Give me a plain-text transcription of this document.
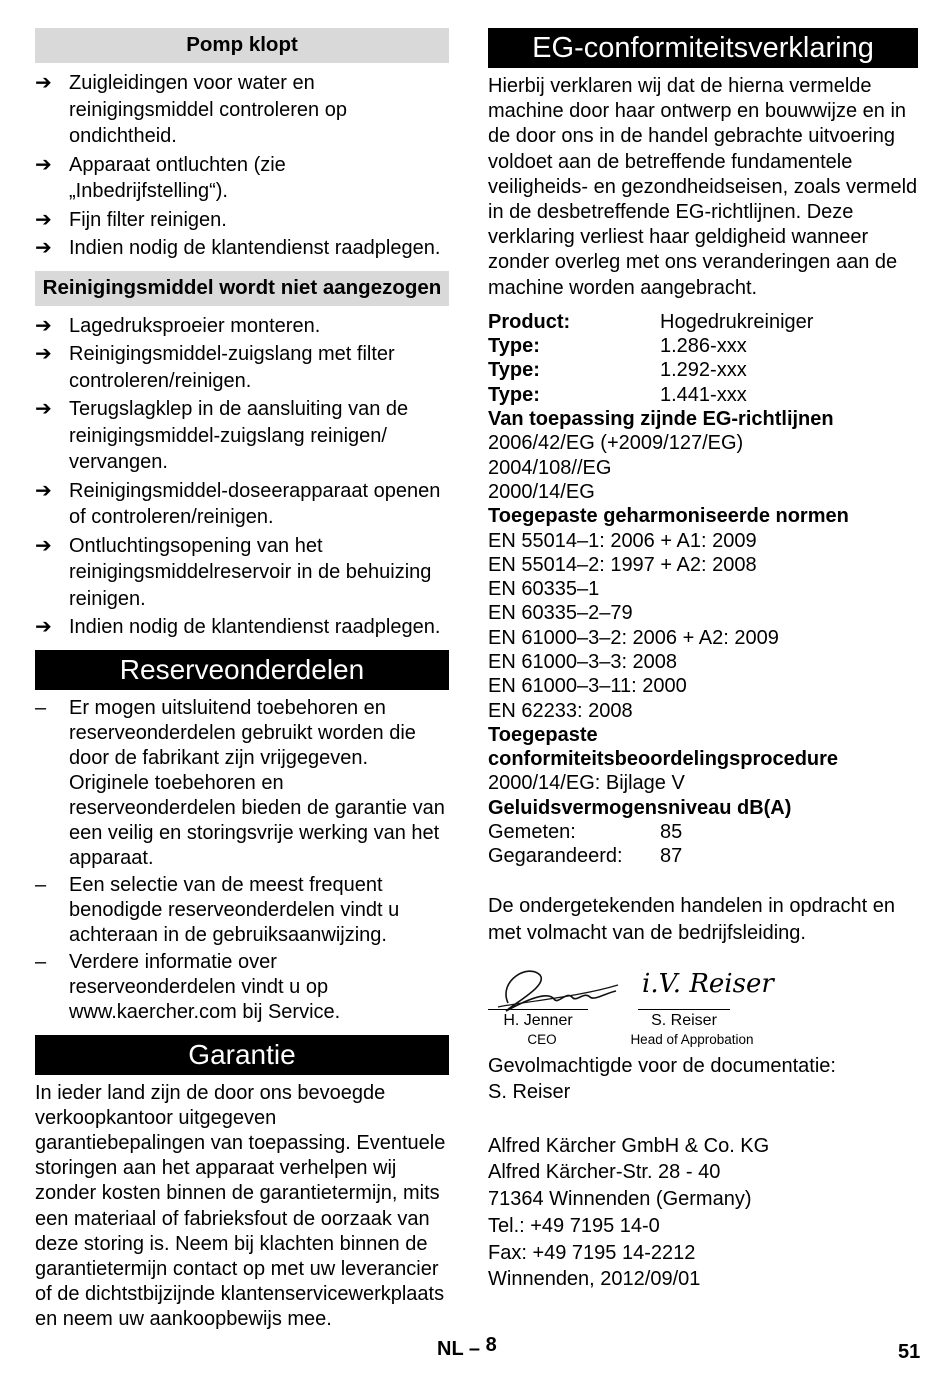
Pomp klopt
➔ Zuigleidingen voor water en reinigingsmiddel controleren op ondichtheid.
➔ Apparaat ontluchten (zie „Inbedrijfstelling“).
➔ Fijn filter reinigen.
➔ Indien nodig de klantendienst raadplegen.
Reinigingsmiddel wordt niet aangezogen
➔ Lagedruksproeier monteren.
➔ Reinigingsmiddel-zuigslang met filter controleren/reinigen.
➔ Terugslagklep in de aansluiting van de reinigingsmiddel-zuigslang reinigen/ vervangen.
➔ Reinigingsmiddel-doseerapparaat openen of controleren/reinigen.
➔ Ontluchtingsopening van het reinigingsmiddelreservoir in de behuizing reinigen.
➔ Indien nodig de klantendienst raadplegen.
Reserveonderdelen
– Er mogen uitsluitend toebehoren en reserveonderdelen gebruikt worden die door de fabrikant zijn vrijgegeven. Originele toebehoren en reserveonderdelen bieden de garantie van een veilig en storingsvrije werking van het apparaat.
– Een selectie van de meest frequent benodigde reserveonderdelen vindt u achteraan in de gebruiksaanwijzing.
– Verdere informatie over reserveonderdelen vindt u op www.kaercher.com bij Service.
Garantie

In ieder land zijn de door ons bevoegde verkoopkantoor uitgegeven garantiebepalingen van toepassing. Eventuele storingen aan het apparaat verhelpen wij zonder kosten binnen de garantietermijn, mits een materiaal of fabrieksfout de oorzaak van deze storing is. Neem bij klachten binnen de garantietermijn contact op met uw leverancier of de dichtstbijzijnde klantenservicewerkplaats en neem uw aankoopbewijs mee.

EG-conformiteitsverklaring

Hierbij verklaren wij dat de hierna vermelde machine door haar ontwerp en bouwwijze en in de door ons in de handel gebrachte uitvoering voldoet aan de betreffende fundamentele veiligheids- en gezondheidseisen, zoals vermeld in de desbetreffende EG-richtlijnen. Deze verklaring verliest haar geldigheid wanneer zonder overleg met ons veranderingen aan de machine worden aangebracht.

Product:	Hogedrukreiniger
Type:	1.286-xxx
Type:	1.292-xxx
Type:	1.441-xxx
Van toepassing zijnde EG-richtlijnen
2006/42/EG (+2009/127/EG)
2004/108//EG
2000/14/EG
Toegepaste geharmoniseerde normen
EN 55014–1: 2006 + A1: 2009
EN 55014–2: 1997 + A2: 2008
EN 60335–1
EN 60335–2–79
EN 61000–3–2: 2006 + A2: 2009
EN 61000–3–3: 2008
EN 61000–3–11: 2000
EN 62233: 2008
Toegepaste conformiteitsbeoordelingsprocedure
2000/14/EG: Bijlage V
Geluidsvermogensniveau dB(A)
Gemeten:	85
Gegarandeerd:	87
De ondergetekenden handelen in opdracht en met volmacht van de bedrijfsleiding.
H. Jenner
CEO
i.V. Reiser
S. Reiser
Head of Approbation
Gevolmachtigde voor de documentatie:
S. Reiser
Alfred Kärcher GmbH & Co. KG
Alfred Kärcher-Str. 28 - 40
71364 Winnenden (Germany)
Tel.: +49 7195 14-0
Fax: +49 7195 14-2212
Winnenden, 2012/09/01
NL – 8	51
